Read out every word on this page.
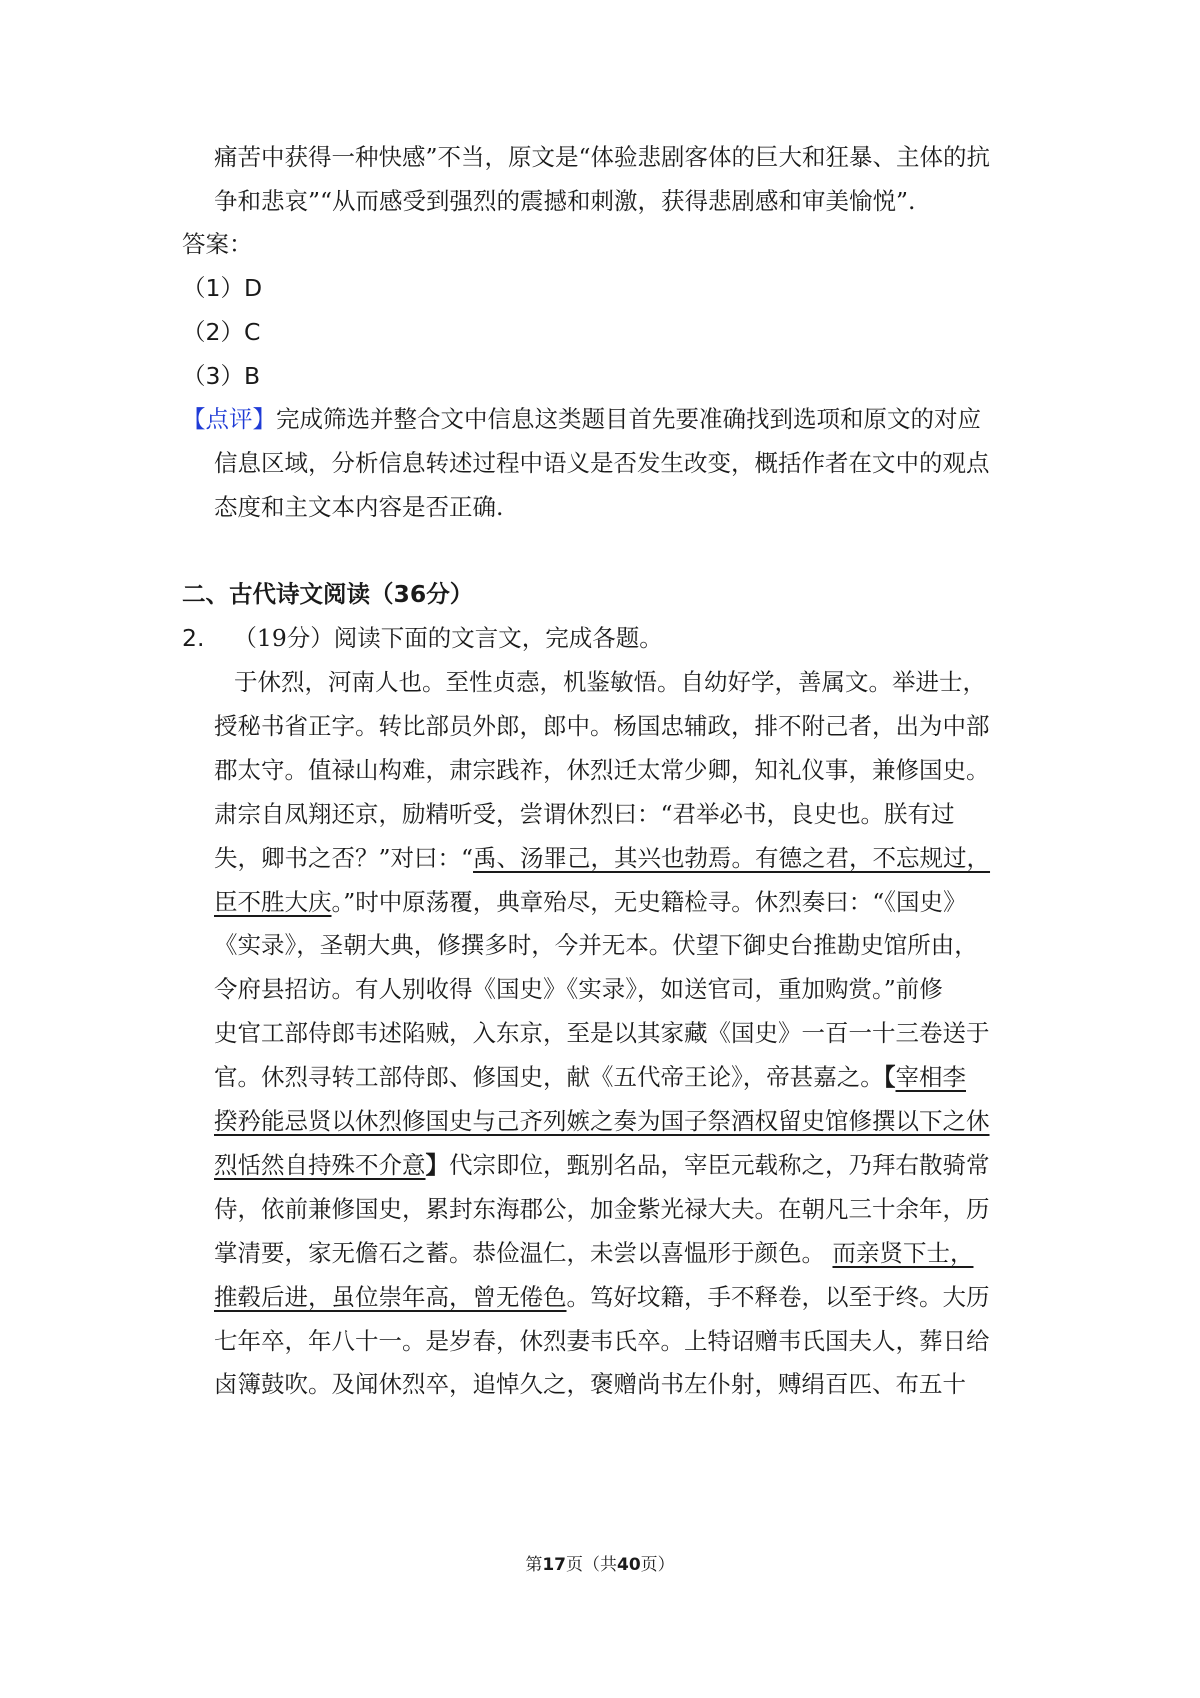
痛苦中获得一种快感”不当，原文是“体验悲剧客体的巨大和狂暴、主体的抗
争和悲哀”“从而感受到强烈的震撼和刺激，获得悲剧感和审美愉悦”.
答案：
（1）D
（2）C
（3）B
【点评】完成筛选并整合文中信息这类题目首先要准确找到选项和原文的对应
信息区域，分析信息转述过程中语义是否发生改变，概括作者在文中的观点
态度和主文本内容是否正确.
二、古代诗文阅读（36分）
2. （19分）阅读下面的文言文，完成各题。
于休烈，河南人也。至性贞悫，机鉴敏悟。自幼好学，善属文。举进士，
授秘书省正字。转比部员外郎，郎中。杨国忠辅政，排不附己者，出为中部
郡太守。值禄山构难，肃宗践祚，休烈迁太常少卿，知礼仪事，兼修国史。
肃宗自凤翔还京，励精听受，尝谓休烈曰：“君举必书，良史也。朕有过
失，卿书之否？”对曰：“禹、汤罪己，其兴也勃焉。有德之君，不忘规过，
臣不胜大庆。”时中原荡覆，典章殆尽，无史籍检寻。休烈奏曰：“《国史》
《实录》，圣朝大典，修撰多时，今并无本。伏望下御史台推勘史馆所由，
令府县招访。有人别收得《国史》《实录》，如送官司，重加购赏。”前修
史官工部侍郎韦述陷贼，入东京，至是以其家藏《国史》一百一十三卷送于
官。休烈寻转工部侍郎、修国史，献《五代帝王论》，帝甚嘉之。【宰相李
揆矜能忌贤以休烈修国史与己齐列嫉之奏为国子祭酒权留史馆修撰以下之休
烈恬然自持殊不介意】代宗即位，甄别名品，宰臣元载称之，乃拜右散骑常
侍，依前兼修国史，累封东海郡公，加金紫光禄大夫。在朝凡三十余年，历
掌清要，家无儋石之蓄。恭俭温仁，未尝以喜愠形于颜色。 而亲贤下士，
推毂后进，虽位崇年高，曾无倦色。笃好坟籍，手不释卷，以至于终。大历
七年卒，年八十一。是岁春，休烈妻韦氏卒。上特诏赠韦氏国夫人，葬日给
卤簿鼓吹。及闻休烈卒，追悼久之，褒赠尚书左仆射，赙绢百匹、布五十
第17页（共40页）
